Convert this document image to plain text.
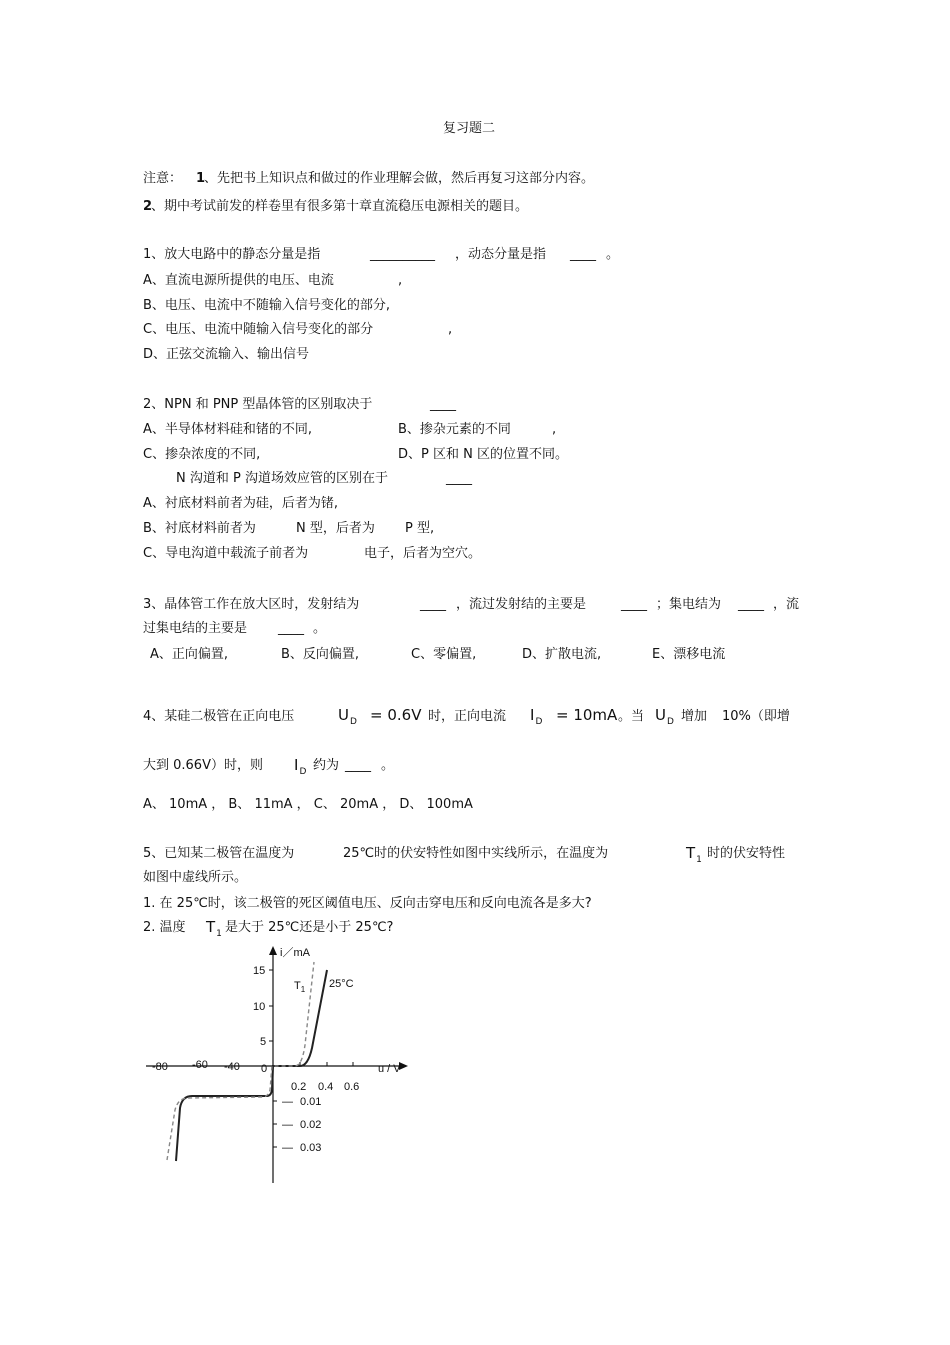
复习题二
注意： 1
、先把书上知识点和做过的作业理解会做，然后再复习这部分内容。
2
、期中考试前发的样卷里有很多第十章直流稳压电源相关的题目。
1、放大电路中的静态分量是指	__________ ，动态分量是指 ____ 。
A、直流电源所提供的电压、电流	,
B、电压、电流中不随输入信号变化的部分,
C、电压、电流中随输入信号变化的部分	,
D、正弦交流输入、输出信号
2、NPN 和 PNP 型晶体管的区别取决于	____
A、半导体材料硅和锗的不同,	B、掺杂元素的不同	,
C、掺杂浓度的不同,	D、P 区和 N 区的位置不同。
N 沟道和 P 沟道场效应管的区别在于	____
A、衬底材料前者为硅，后者为锗,
B、衬底材料前者为	N 型，后者为 P 型,
C、导电沟道中载流子前者为	电子，后者为空穴。
3、晶体管工作在放大区时，发射结为	____ ，流过发射结的主要是	____ ；集电结为 ____ ，流
过集电结的主要是 ____ 。
A、正向偏置,	B、反向偏置,	C、零偏置,	D、扩散电流,	E、漂移电流
4、某硅二极管在正向电压	$U_D = 0.6V$ 时，正向电流 $I_D = 10mA$ 。当 $U_D$ 增加 10%（即增
大到 0.66V）时，则 $I_D$ 约为 ____ 。
A、 10mA ， B、 11mA ， C、 20mA ， D、 100mA
5、已知某二极管在温度为	25℃时的伏安特性如图中实线所示，在温度为	$T_1$ 时的伏安特性
如图中虚线所示。
1. 在 25℃时，该二极管的死区阈值电压、反向击穿电压和反向电流各是多大?
2. 温度 $T_1$ 是大于 25℃还是小于 25℃?
15
10
5
—
—
—
0.01
0.02
0.03
-80 -60 -40 0
0.2 0.4 0.6
i／mA
u / V
$T_1$ 25°C
